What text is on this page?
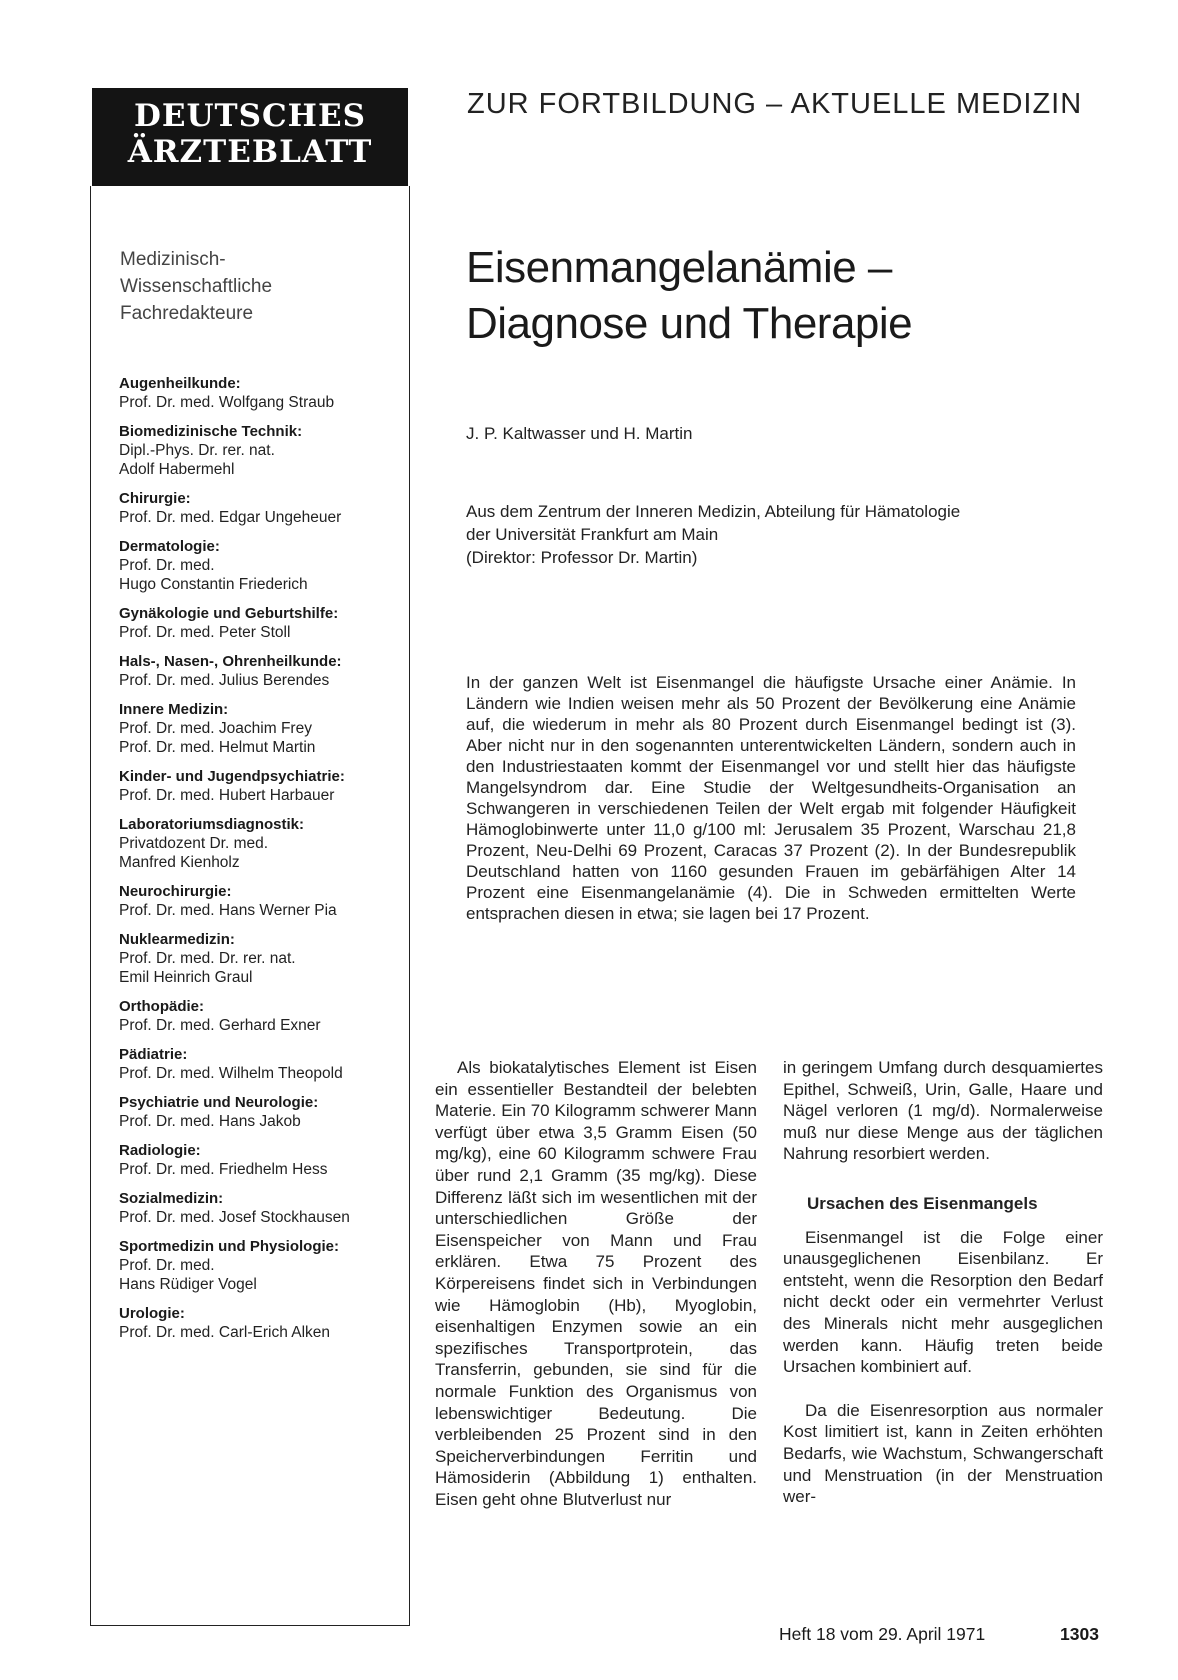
DEUTSCHES
ÄRZTEBLATT
ZUR FORTBILDUNG – AKTUELLE MEDIZIN
Medizinisch-
Wissenschaftliche
Fachredakteure
Augenheilkunde:
Prof. Dr. med. Wolfgang Straub
Biomedizinische Technik:
Dipl.-Phys. Dr. rer. nat.
Adolf Habermehl
Chirurgie:
Prof. Dr. med. Edgar Ungeheuer
Dermatologie:
Prof. Dr. med.
Hugo Constantin Friederich
Gynäkologie und Geburtshilfe:
Prof. Dr. med. Peter Stoll
Hals-, Nasen-, Ohrenheilkunde:
Prof. Dr. med. Julius Berendes
Innere Medizin:
Prof. Dr. med. Joachim Frey
Prof. Dr. med. Helmut Martin
Kinder- und Jugendpsychiatrie:
Prof. Dr. med. Hubert Harbauer
Laboratoriumsdiagnostik:
Privatdozent Dr. med.
Manfred Kienholz
Neurochirurgie:
Prof. Dr. med. Hans Werner Pia
Nuklearmedizin:
Prof. Dr. med. Dr. rer. nat.
Emil Heinrich Graul
Orthopädie:
Prof. Dr. med. Gerhard Exner
Pädiatrie:
Prof. Dr. med. Wilhelm Theopold
Psychiatrie und Neurologie:
Prof. Dr. med. Hans Jakob
Radiologie:
Prof. Dr. med. Friedhelm Hess
Sozialmedizin:
Prof. Dr. med. Josef Stockhausen
Sportmedizin und Physiologie:
Prof. Dr. med.
Hans Rüdiger Vogel
Urologie:
Prof. Dr. med. Carl-Erich Alken
Eisenmangelanämie –
Diagnose und Therapie
J. P. Kaltwasser und H. Martin
Aus dem Zentrum der Inneren Medizin, Abteilung für Hämatologie
der Universität Frankfurt am Main
(Direktor: Professor Dr. Martin)
In der ganzen Welt ist Eisenmangel die häufigste Ursache einer Anämie. In Ländern wie Indien weisen mehr als 50 Prozent der Bevölkerung eine Anämie auf, die wiederum in mehr als 80 Prozent durch Eisenmangel bedingt ist (3). Aber nicht nur in den sogenannten unterentwickelten Ländern, sondern auch in den Industriestaaten kommt der Eisenmangel vor und stellt hier das häufigste Mangelsyndrom dar. Eine Studie der Weltgesundheits-Organisation an Schwangeren in verschiedenen Teilen der Welt ergab mit folgender Häufigkeit Hämoglobinwerte unter 11,0 g/100 ml: Jerusalem 35 Prozent, Warschau 21,8 Prozent, Neu-Delhi 69 Prozent, Caracas 37 Prozent (2). In der Bundesrepublik Deutschland hatten von 1160 gesunden Frauen im gebärfähigen Alter 14 Prozent eine Eisenmangelanämie (4). Die in Schweden ermittelten Werte entsprachen diesen in etwa; sie lagen bei 17 Prozent.

Als biokatalytisches Element ist Eisen ein essentieller Bestandteil der belebten Materie. Ein 70 Kilogramm schwerer Mann verfügt über etwa 3,5 Gramm Eisen (50 mg/kg), eine 60 Kilogramm schwere Frau über rund 2,1 Gramm (35 mg/kg). Diese Differenz läßt sich im wesentlichen mit der unterschiedlichen Größe der Eisenspeicher von Mann und Frau erklären. Etwa 75 Prozent des Körpereisens findet sich in Verbindungen wie Hämoglobin (Hb), Myoglobin, eisenhaltigen Enzymen sowie an ein spezifisches Transportprotein, das Transferrin, gebunden, sie sind für die normale Funktion des Organismus von lebenswichtiger Bedeutung. Die verbleibenden 25 Prozent sind in den Speicherverbindungen Ferritin und Hämosiderin (Abbildung 1) enthalten. Eisen geht ohne Blutverlust nur

in geringem Umfang durch desquamiertes Epithel, Schweiß, Urin, Galle, Haare und Nägel verloren (1 mg/d). Normalerweise muß nur diese Menge aus der täglichen Nahrung resorbiert werden.

Ursachen des Eisenmangels

Eisenmangel ist die Folge einer unausgeglichenen Eisenbilanz. Er entsteht, wenn die Resorption den Bedarf nicht deckt oder ein vermehrter Verlust des Minerals nicht mehr ausgeglichen werden kann. Häufig treten beide Ursachen kombiniert auf.

Da die Eisenresorption aus normaler Kost limitiert ist, kann in Zeiten erhöhten Bedarfs, wie Wachstum, Schwangerschaft und Menstruation (in der Menstruation wer-

Heft 18 vom 29. April 1971	1303
